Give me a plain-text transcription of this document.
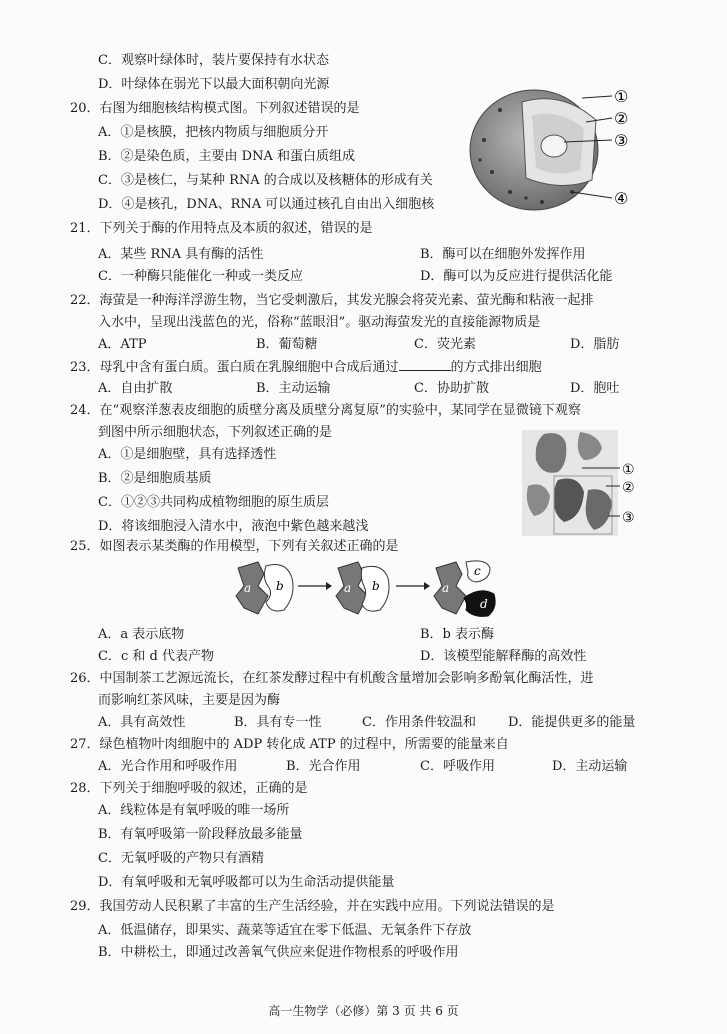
C．观察叶绿体时，装片要保持有水状态
D．叶绿体在弱光下以最大面积朝向光源
20．右图为细胞核结构模式图。下列叙述错误的是
A．①是核膜，把核内物质与细胞质分开
B．②是染色质，主要由 DNA 和蛋白质组成
C．③是核仁，与某种 RNA 的合成以及核糖体的形成有关
D．④是核孔，DNA、RNA 可以通过核孔自由出入细胞核
①
②
③
④
21．下列关于酶的作用特点及本质的叙述，错误的是
A．某些 RNA 具有酶的活性	B．酶可以在细胞外发挥作用
C．一种酶只能催化一种或一类反应	D．酶可以为反应进行提供活化能
22．海萤是一种海洋浮游生物，当它受刺激后，其发光腺会将荧光素、萤光酶和粘液一起排
入水中，呈现出浅蓝色的光，俗称“蓝眼泪”。驱动海萤发光的直接能源物质是
A．ATP	B．葡萄糖	C．荧光素	D．脂肪
23．母乳中含有蛋白质。蛋白质在乳腺细胞中合成后通过	的方式排出细胞
A．自由扩散	B．主动运输	C．协助扩散	D．胞吐
24．在“观察洋葱表皮细胞的质壁分离及质壁分离复原”的实验中，某同学在显微镜下观察
到图中所示细胞状态，下列叙述正确的是
A．①是细胞壁，具有选择透性
B．②是细胞质基质
C．①②③共同构成植物细胞的原生质层
D．将该细胞浸入清水中，液泡中紫色越来越浅
①
②
③
25．如图表示某类酶的作用模型，下列有关叙述正确的是
a b	a b	a
c
d
A．a 表示底物	B．b 表示酶
C．c 和 d 代表产物	D．该模型能解释酶的高效性
26．中国制茶工艺源远流长，在红茶发酵过程中有机酸含量增加会影响多酚氧化酶活性，进
而影响红茶风味，主要是因为酶
A．具有高效性	B．具有专一性	C．作用条件较温和 D．能提供更多的能量
27．绿色植物叶肉细胞中的 ADP 转化成 ATP 的过程中，所需要的能量来自
A．光合作用和呼吸作用	B．光合作用	C．呼吸作用	D．主动运输
28．下列关于细胞呼吸的叙述，正确的是
A．线粒体是有氧呼吸的唯一场所
B．有氧呼吸第一阶段释放最多能量
C．无氧呼吸的产物只有酒精
D．有氧呼吸和无氧呼吸都可以为生命活动提供能量
29．我国劳动人民积累了丰富的生产生活经验，并在实践中应用。下列说法错误的是
A．低温储存，即果实、蔬菜等适宜在零下低温、无氧条件下存放
B．中耕松土，即通过改善氧气供应来促进作物根系的呼吸作用
高一生物学（必修）第 3 页 共 6 页
